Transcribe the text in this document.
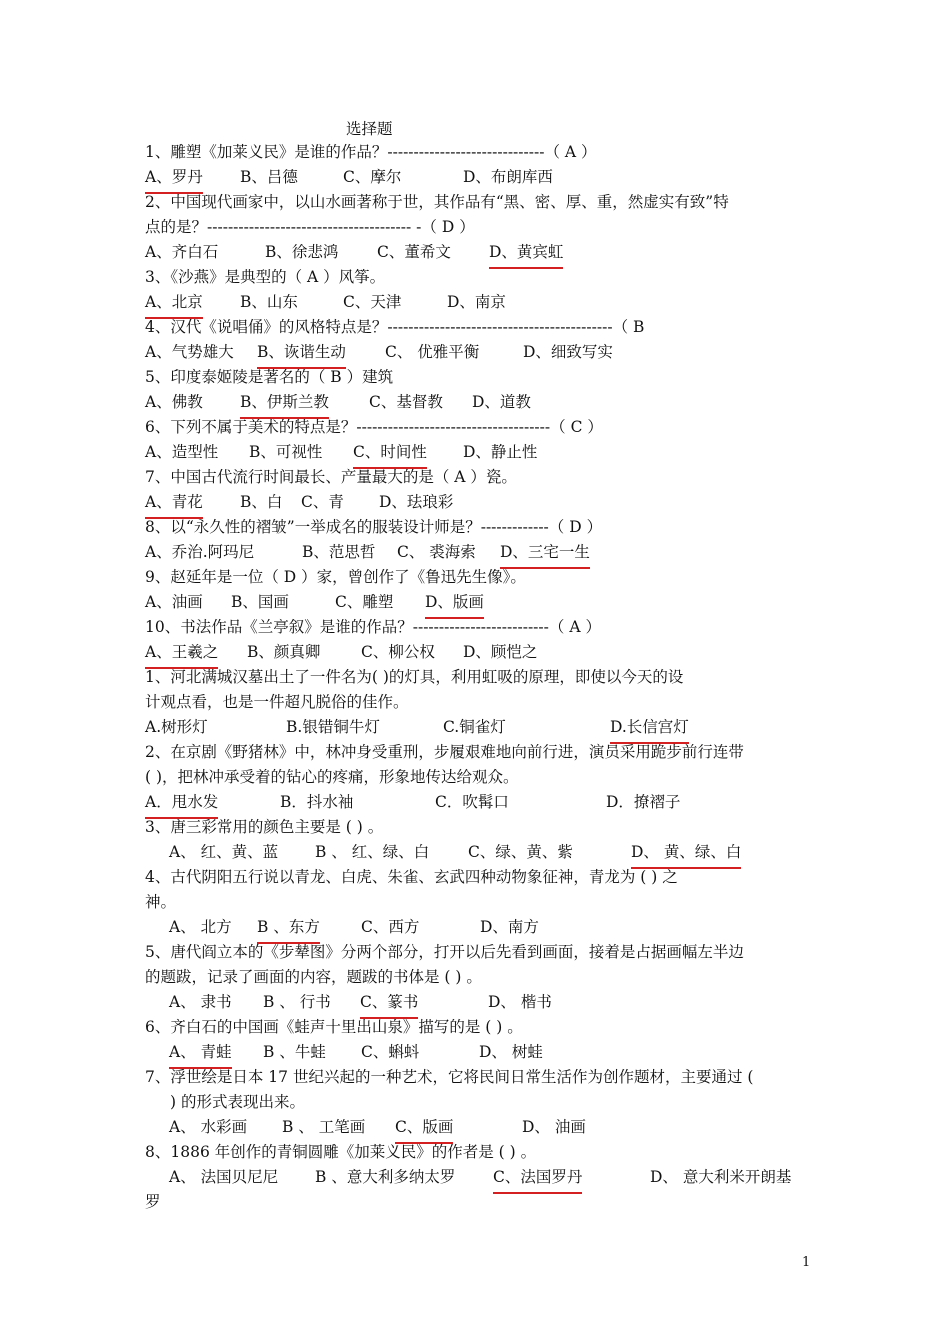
选择题
1、雕塑《加莱义民》是谁的作品？------------------------------（ A ）
A、罗丹 B、吕德	C、摩尔	D、布朗库西
2、中国现代画家中，以山水画著称于世，其作品有“黑、密、厚、重，然虚实有致”特
点的是？--------------------------------------- -（ D ）
A、齐白石	B、徐悲鸿 C、董希文 D、黄宾虹
3、《沙燕》是典型的（ A ）风筝。
A、北京 B、山东	C、天津	D、南京
4、汉代《说唱俑》的风格特点是？-------------------------------------------（ B
A、气势雄大 B、诙谐生动	C、 优雅平衡	D、细致写实
5、印度泰姬陵是著名的（ B ）建筑
A、佛教 B、伊斯兰教	C、基督教 D、道教
6、下列不属于美术的特点是？-------------------------------------（ C ）
A、造型性 B、可视性 C、时间性 D、静止性
7、中国古代流行时间最长、产量最大的是（ A ）瓷。
A、青花 B、白 C、青 D、珐琅彩
8、以“永久性的褶皱”一举成名的服装设计师是？-------------（ D ）
A、乔治.阿玛尼	B、范思哲 C、 裘海索 D、三宅一生
9、赵延年是一位（ D ）家，曾创作了《鲁迅先生像》。
A、油画 B、国画	C、雕塑 D、版画
10、书法作品《兰亭叙》是谁的作品？--------------------------（ A ）
A、王羲之 B、颜真卿	C、柳公权 D、顾恺之
1、河北满城汉墓出土了一件名为( )的灯具，利用虹吸的原理，即使以今天的设
计观点看，也是一件超凡脱俗的佳作。
A.树形灯	B.银错铜牛灯	C.铜雀灯	D.长信宫灯
2、在京剧《野猪林》中，林冲身受重刑，步履艰难地向前行进，演员采用跪步前行连带
( )，把林冲承受着的钻心的疼痛，形象地传达给观众。
A．甩水发	B．抖水袖	C．吹髯口	D．撩褶子
3、唐三彩常用的颜色主要是 ( ) 。
A、 红、黄、蓝 B 、 红、绿、白	C、绿、黄、紫	D、 黄、绿、白
4、古代阴阳五行说以青龙、白虎、朱雀、玄武四种动物象征神，青龙为 ( ) 之
神。
A、 北方 B 、东方	C、西方	D、南方
5、唐代阎立本的《步辇图》分两个部分，打开以后先看到画面，接着是占据画幅左半边
的题跋，记录了画面的内容，题跋的书体是 ( ) 。
A、 隶书 B 、 行书 C、篆书	D、 楷书
6、齐白石的中国画《蛙声十里出山泉》描写的是 ( ) 。
A、 青蛙 B 、牛蛙 C、蝌蚪	D、 树蛙
7、浮世绘是日本 17 世纪兴起的一种艺术，它将民间日常生活作为创作题材，主要通过 (
) 的形式表现出来。
A、 水彩画 B 、 工笔画 C、版画	D、 油画
8、1886 年创作的青铜圆雕《加莱义民》的作者是 ( ) 。
A、 法国贝尼尼 B 、意大利多纳太罗 C、法国罗丹	D、 意大利米开朗基
罗
1
